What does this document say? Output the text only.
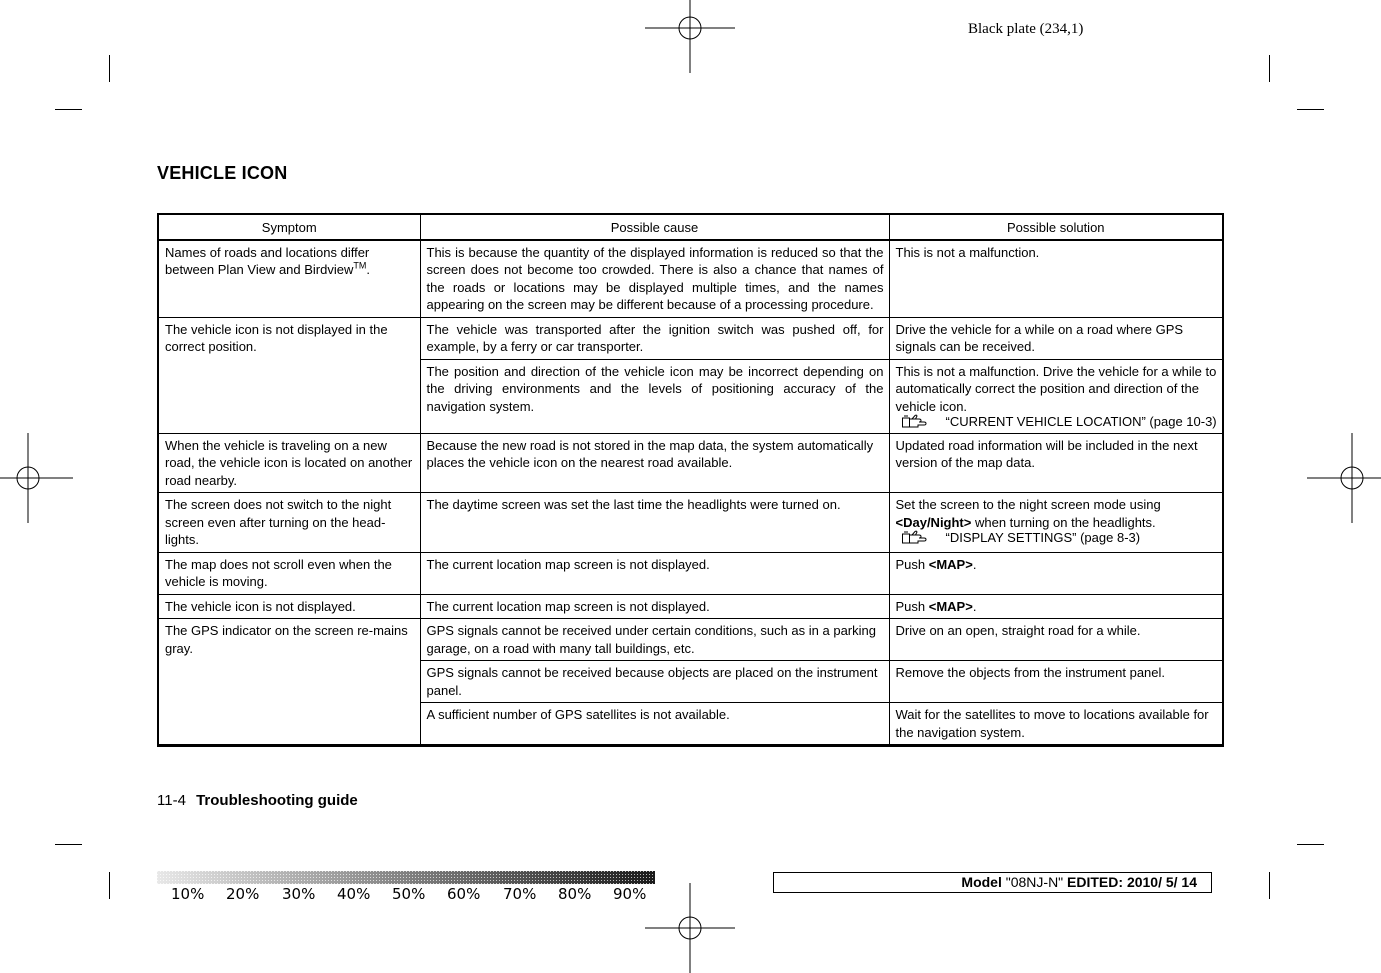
Black plate (234,1)
VEHICLE ICON
Symptom	Possible cause	Possible solution
Names of roads and locations differ between Plan View and Birdview™.	This is because the quantity of the displayed information is reduced so that the screen does not become too crowded. There is also a chance that names of the roads or locations may be displayed multiple times, and the names appearing on the screen may be different because of a processing procedure.	This is not a malfunction.
The vehicle icon is not displayed in the correct position.	The vehicle was transported after the ignition switch was pushed off, for example, by a ferry or car transporter.	Drive the vehicle for a while on a road where GPS signals can be received.
	The position and direction of the vehicle icon may be incorrect depending on the driving environments and the levels of positioning accuracy of the navigation system.	This is not a malfunction. Drive the vehicle for a while to automatically correct the position and direction of the vehicle icon.
“CURRENT VEHICLE LOCATION” (page 10-3)

When the vehicle is traveling on a new road, the vehicle icon is located on another road nearby.	Because the new road is not stored in the map data, the system automatically places the vehicle icon on the nearest road available.	Updated road information will be included in the next version of the map data.
The screen does not switch to the night screen even after turning on the head-lights.	The daytime screen was set the last time the headlights were turned on.	Set the screen to the night screen mode using <Day/Night> when turning on the headlights.
“DISPLAY SETTINGS” (page 8-3)

The map does not scroll even when the vehicle is moving.	The current location map screen is not displayed.	Push <MAP>.
The vehicle icon is not displayed.	The current location map screen is not displayed.	Push <MAP>.
The GPS indicator on the screen re-mains gray.	GPS signals cannot be received under certain conditions, such as in a parking garage, on a road with many tall buildings, etc.	Drive on an open, straight road for a while.
	GPS signals cannot be received because objects are placed on the instrument panel.	Remove the objects from the instrument panel.
	A sufficient number of GPS satellites is not available.	Wait for the satellites to move to locations available for the navigation system.
11-4 Troubleshooting guide
10% 20% 30% 40% 50% 60% 70% 80% 90%
Model "08NJ-N" EDITED: 2010/ 5/ 14
